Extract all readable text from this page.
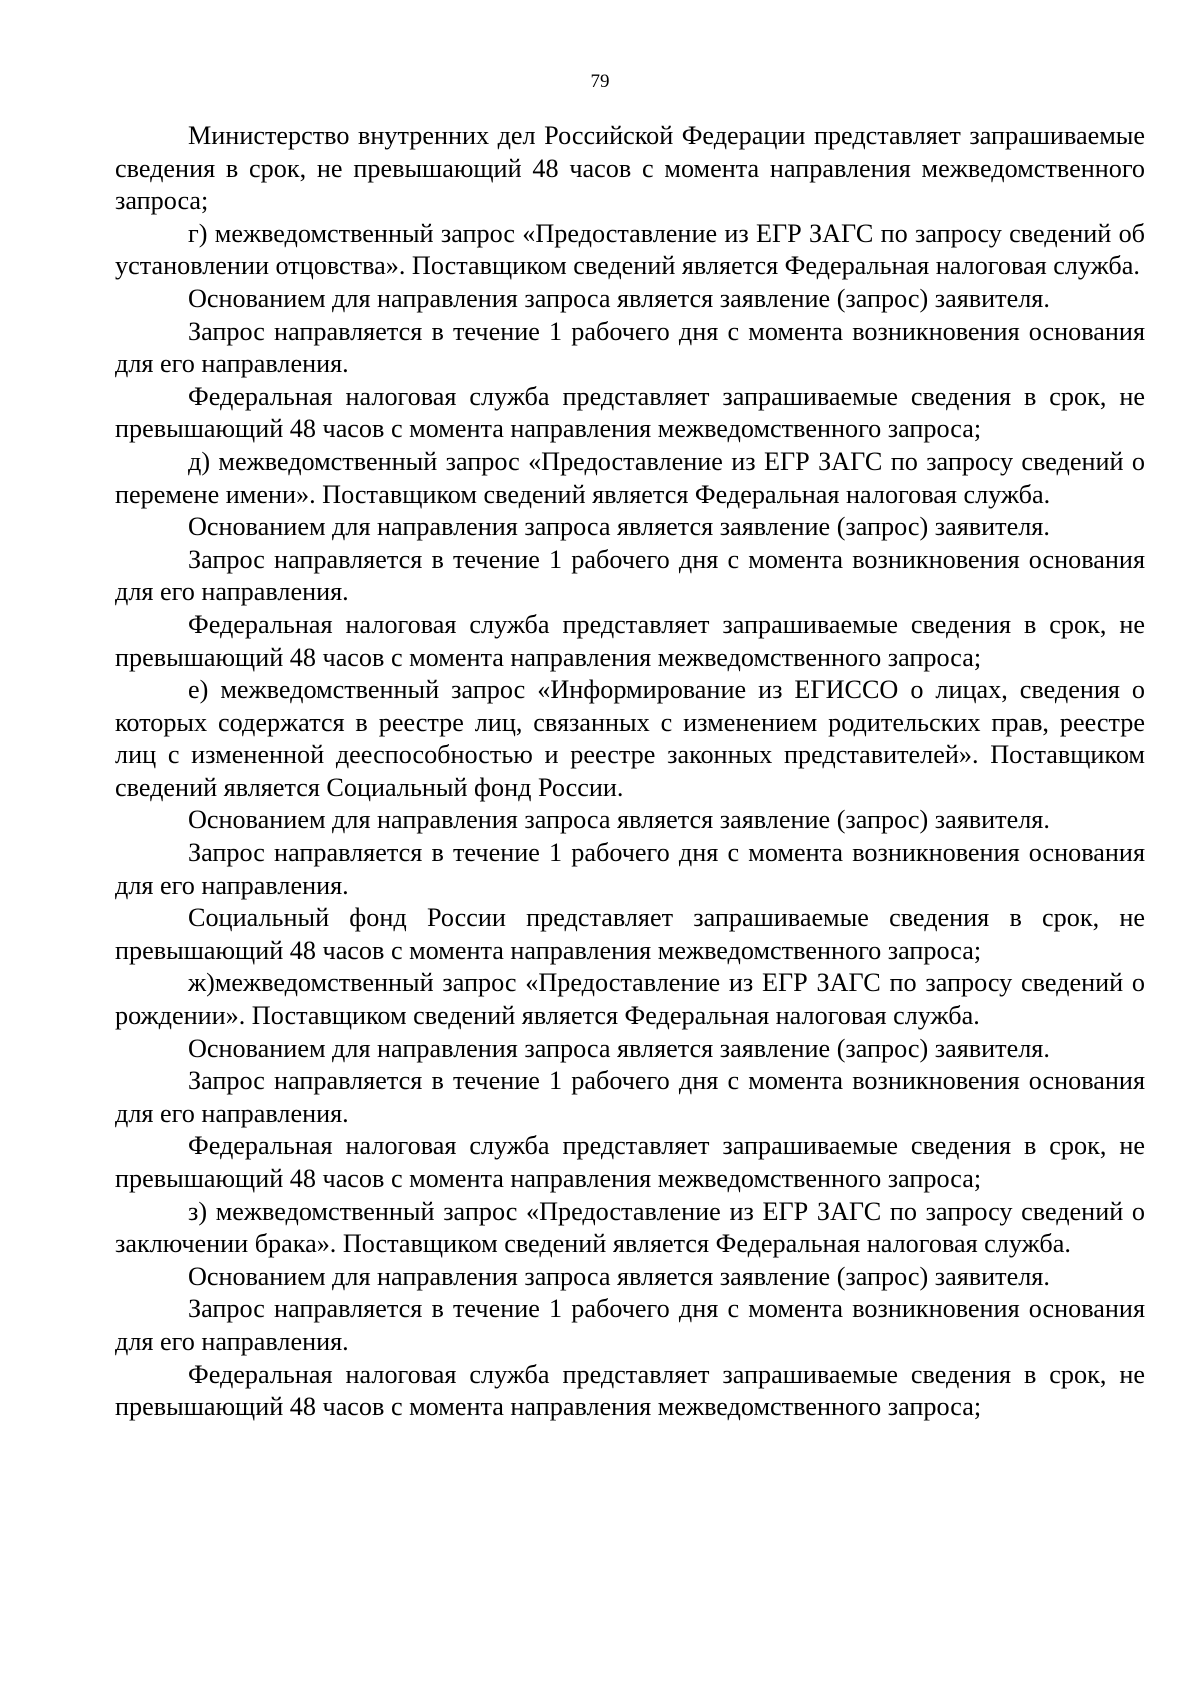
79

Министерство внутренних дел Российской Федерации представляет запрашиваемые сведения в срок, не превышающий 48 часов с момента направления межведомственного запроса;

г) межведомственный запрос «Предоставление из ЕГР ЗАГС по запросу сведений об установлении отцовства». Поставщиком сведений является Федеральная налоговая служба.

Основанием для направления запроса является заявление (запрос) заявителя.

Запрос направляется в течение 1 рабочего дня с момента возникновения основания для его направления.

Федеральная налоговая служба представляет запрашиваемые сведения в срок, не превышающий 48 часов с момента направления межведомственного запроса;

д) межведомственный запрос «Предоставление из ЕГР ЗАГС по запросу сведений о перемене имени». Поставщиком сведений является Федеральная налоговая служба.

Основанием для направления запроса является заявление (запрос) заявителя.

Запрос направляется в течение 1 рабочего дня с момента возникновения основания для его направления.

Федеральная налоговая служба представляет запрашиваемые сведения в срок, не превышающий 48 часов с момента направления межведомственного запроса;

е) межведомственный запрос «Информирование из ЕГИССО о лицах, сведения о которых содержатся в реестре лиц, связанных с изменением родительских прав, реестре лиц с измененной дееспособностью и реестре законных представителей». Поставщиком сведений является Социальный фонд России.

Основанием для направления запроса является заявление (запрос) заявителя.

Запрос направляется в течение 1 рабочего дня с момента возникновения основания для его направления.

Социальный фонд России представляет запрашиваемые сведения в срок, не превышающий 48 часов с момента направления межведомственного запроса;

ж)межведомственный запрос «Предоставление из ЕГР ЗАГС по запросу сведений о рождении». Поставщиком сведений является Федеральная налоговая служба.

Основанием для направления запроса является заявление (запрос) заявителя.

Запрос направляется в течение 1 рабочего дня с момента возникновения основания для его направления.

Федеральная налоговая служба представляет запрашиваемые сведения в срок, не превышающий 48 часов с момента направления межведомственного запроса;

з) межведомственный запрос «Предоставление из ЕГР ЗАГС по запросу сведений о заключении брака». Поставщиком сведений является Федеральная налоговая служба.

Основанием для направления запроса является заявление (запрос) заявителя.

Запрос направляется в течение 1 рабочего дня с момента возникновения основания для его направления.

Федеральная налоговая служба представляет запрашиваемые сведения в срок, не превышающий 48 часов с момента направления межведомственного запроса;
